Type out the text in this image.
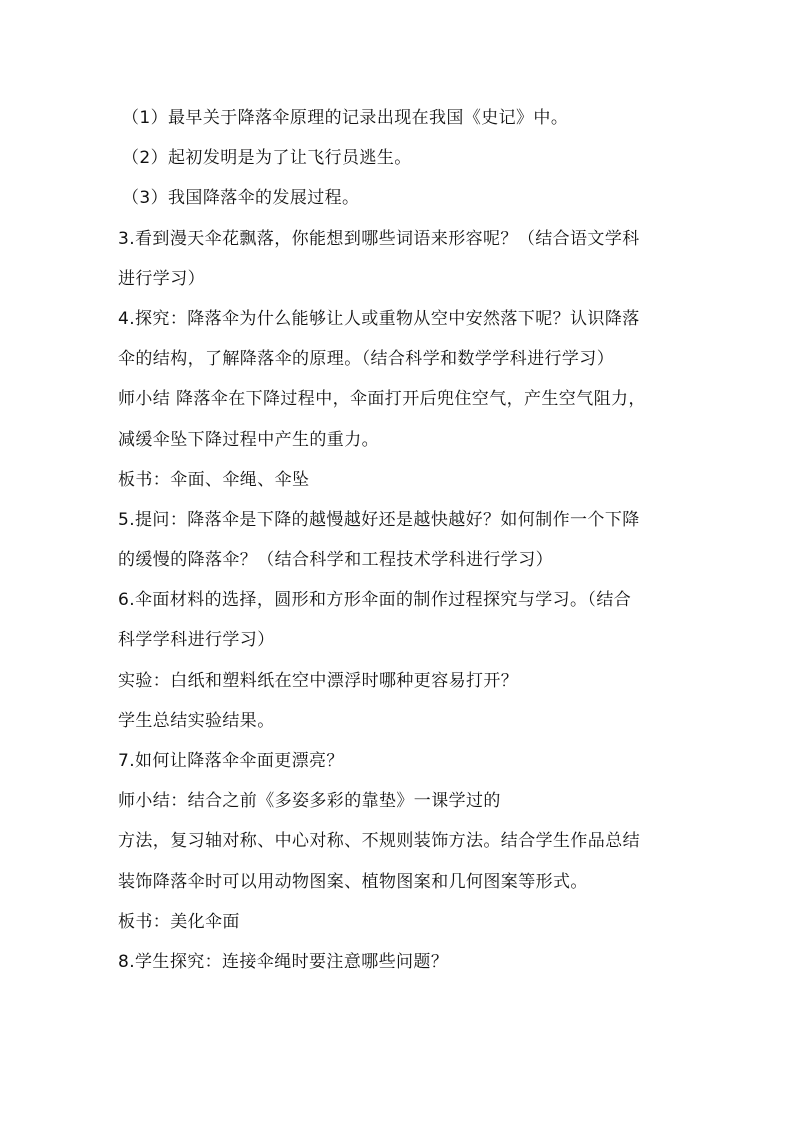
（1）最早关于降落伞原理的记录出现在我国《史记》中。
（2）起初发明是为了让飞行员逃生。
（3）我国降落伞的发展过程。
3.看到漫天伞花飘落，你能想到哪些词语来形容呢？（结合语文学科
进行学习）
4.探究：降落伞为什么能够让人或重物从空中安然落下呢？认识降落
伞的结构，了解降落伞的原理。（结合科学和数学学科进行学习）
师小结 降落伞在下降过程中，伞面打开后兜住空气，产生空气阻力，
减缓伞坠下降过程中产生的重力。
板书：伞面、伞绳、伞坠
5.提问：降落伞是下降的越慢越好还是越快越好？如何制作一个下降
的缓慢的降落伞？（结合科学和工程技术学科进行学习）
6.伞面材料的选择，圆形和方形伞面的制作过程探究与学习。（结合
科学学科进行学习）
实验：白纸和塑料纸在空中漂浮时哪种更容易打开？
学生总结实验结果。
7.如何让降落伞伞面更漂亮？
师小结：结合之前《多姿多彩的靠垫》一课学过的
方法，复习轴对称、中心对称、不规则装饰方法。结合学生作品总结
装饰降落伞时可以用动物图案、植物图案和几何图案等形式。
板书：美化伞面
8.学生探究：连接伞绳时要注意哪些问题？
